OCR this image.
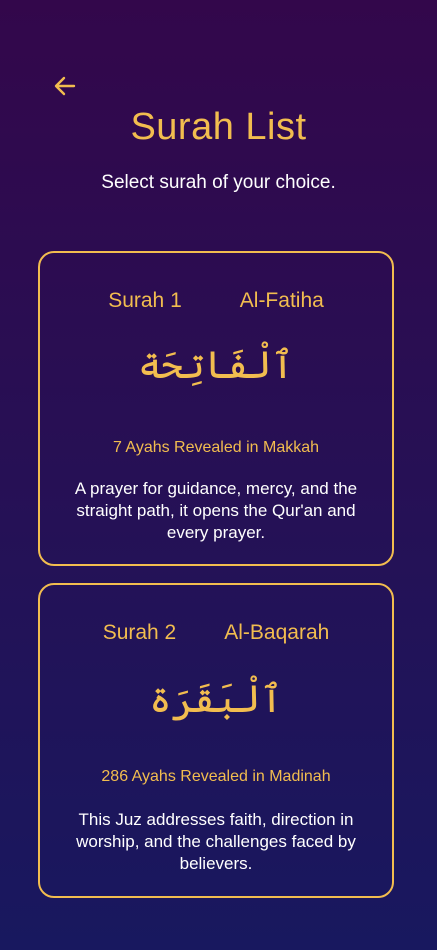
Surah List
Select surah of your choice.
Surah 1	Al-Fatiha
ٱلْفَاتِحَة
7 Ayahs Revealed in Makkah
A prayer for guidance, mercy, and the straight path, it opens the Qur'an and every prayer.
Surah 2 Al-Baqarah
ٱلْبَقَرَة
286 Ayahs Revealed in Madinah
This Juz addresses faith, direction in worship, and the challenges faced by believers.
